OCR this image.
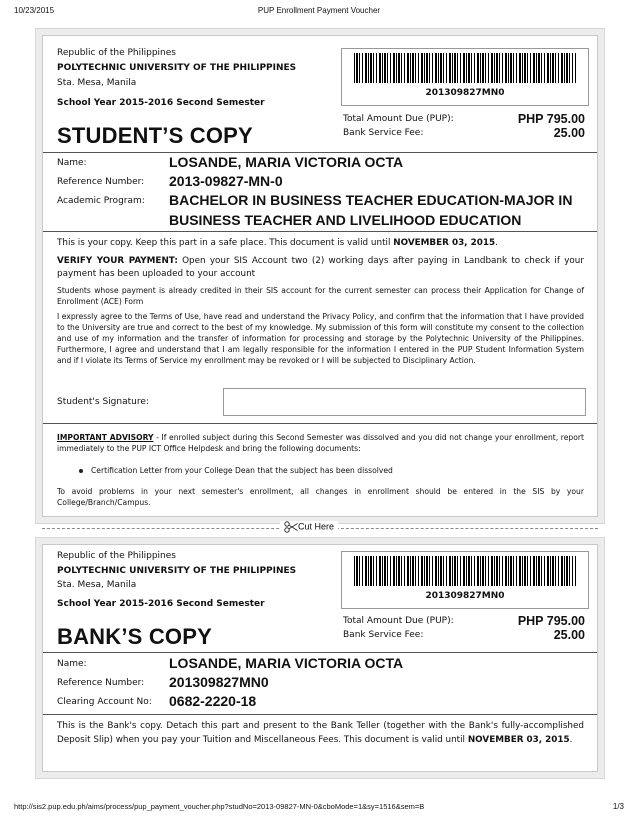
10/23/2015	PUP Enrollment Payment Voucher
Republic of the Philippines
POLYTECHNIC UNIVERSITY OF THE PHILIPPINES
Sta. Mesa, Manila
School Year 2015-2016 Second Semester
201309827MN0
Total Amount Due (PUP):	PHP 795.00
Bank Service Fee:	25.00
STUDENT’S COPY
Name:	LOSANDE, MARIA VICTORIA OCTA
Reference Number: 2013-09827-MN-0
Academic Program: BACHELOR IN BUSINESS TEACHER EDUCATION-MAJOR IN BUSINESS TEACHER AND LIVELIHOOD EDUCATION
This is your copy. Keep this part in a safe place. This document is valid until NOVEMBER 03, 2015.
VERIFY YOUR PAYMENT: Open your SIS Account two (2) working days after paying in Landbank to check if your payment has been uploaded to your account
Students whose payment is already credited in their SIS account for the current semester can process their Application for Change of Enrollment (ACE) Form
I expressly agree to the Terms of Use, have read and understand the Privacy Policy, and confirm that the information that I have provided to the University are true and correct to the best of my knowledge. My submission of this form will constitute my consent to the collection and use of my information and the transfer of information for processing and storage by the Polytechnic University of the Philippines. Furthermore, I agree and understand that I am legally responsible for the information I entered in the PUP Student Information System and if I violate its Terms of Service my enrollment may be revoked or I will be subjected to Disciplinary Action.
Student's Signature:
IMPORTANT ADVISORY - If enrolled subject during this Second Semester was dissolved and you did not change your enrollment, report immediately to the PUP ICT Office Helpdesk and bring the following documents:
Certification Letter from your College Dean that the subject has been dissolved
To avoid problems in your next semester's enrollment, all changes in enrollment should be entered in the SIS by your College/Branch/Campus.
Cut Here
Republic of the Philippines
POLYTECHNIC UNIVERSITY OF THE PHILIPPINES
Sta. Mesa, Manila
School Year 2015-2016 Second Semester
201309827MN0
Total Amount Due (PUP):	PHP 795.00
Bank Service Fee:	25.00
BANK’S COPY
Name:	LOSANDE, MARIA VICTORIA OCTA
Reference Number: 201309827MN0
Clearing Account No: 0682-2220-18
This is the Bank's copy. Detach this part and present to the Bank Teller (together with the Bank's fully-accomplished Deposit Slip) when you pay your Tuition and Miscellaneous Fees. This document is valid until NOVEMBER 03, 2015.
http://sis2.pup.edu.ph/aims/process/pup_payment_voucher.php?studNo=2013-09827-MN-0&cboMode=1&sy=1516&sem=B	1/3
